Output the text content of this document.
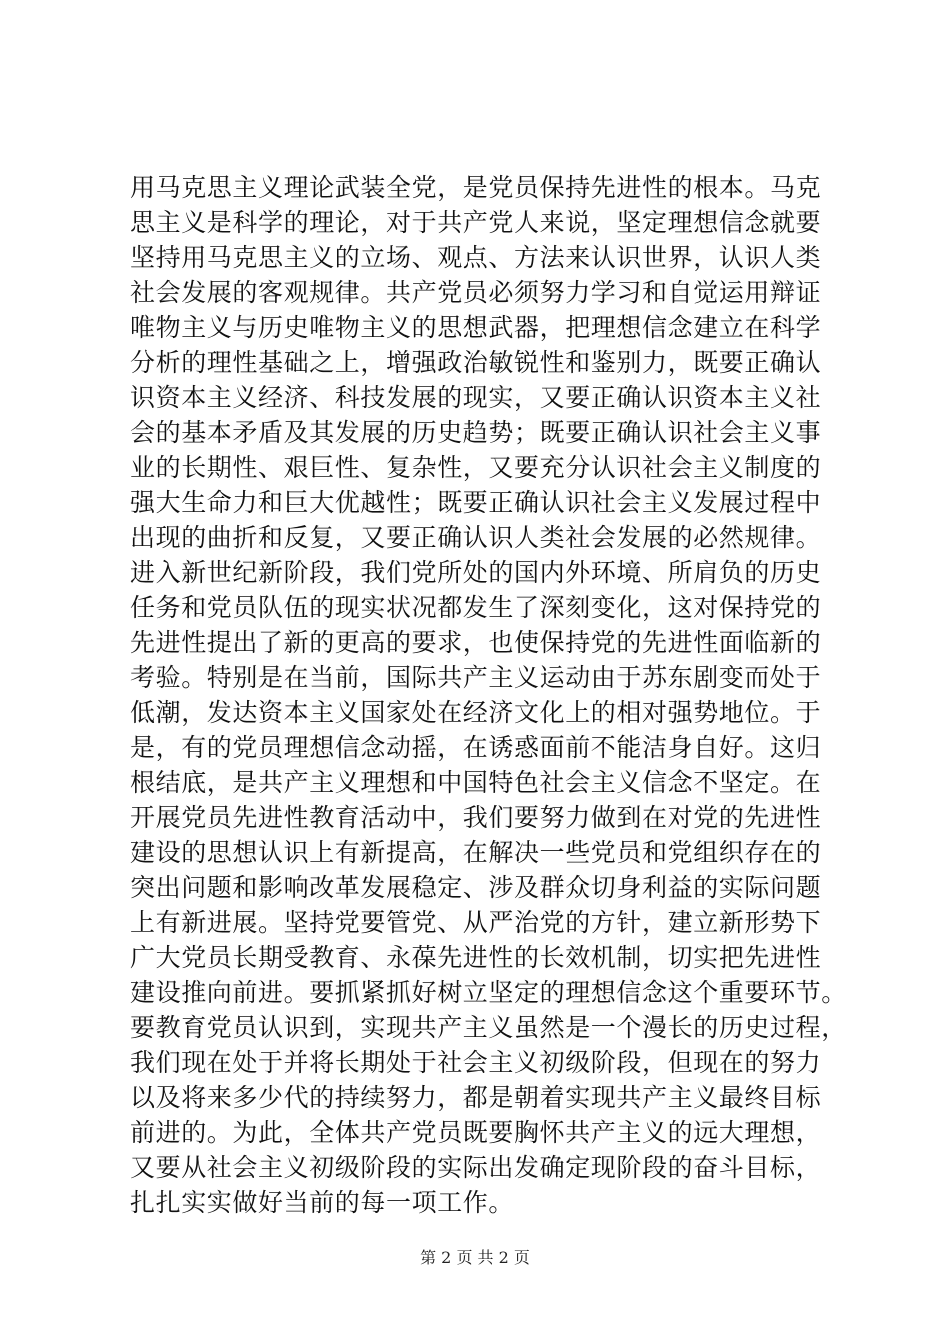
用马克思主义理论武装全党，是党员保持先进性的根本。马克
思主义是科学的理论，对于共产党人来说，坚定理想信念就要
坚持用马克思主义的立场、观点、方法来认识世界，认识人类
社会发展的客观规律。共产党员必须努力学习和自觉运用辩证
唯物主义与历史唯物主义的思想武器，把理想信念建立在科学
分析的理性基础之上，增强政治敏锐性和鉴别力，既要正确认
识资本主义经济、科技发展的现实，又要正确认识资本主义社
会的基本矛盾及其发展的历史趋势；既要正确认识社会主义事
业的长期性、艰巨性、复杂性，又要充分认识社会主义制度的
强大生命力和巨大优越性；既要正确认识社会主义发展过程中
出现的曲折和反复，又要正确认识人类社会发展的必然规律。
进入新世纪新阶段，我们党所处的国内外环境、所肩负的历史
任务和党员队伍的现实状况都发生了深刻变化，这对保持党的
先进性提出了新的更高的要求，也使保持党的先进性面临新的
考验。特别是在当前，国际共产主义运动由于苏东剧变而处于
低潮，发达资本主义国家处在经济文化上的相对强势地位。于
是，有的党员理想信念动摇，在诱惑面前不能洁身自好。这归
根结底，是共产主义理想和中国特色社会主义信念不坚定。在
开展党员先进性教育活动中，我们要努力做到在对党的先进性
建设的思想认识上有新提高，在解决一些党员和党组织存在的
突出问题和影响改革发展稳定、涉及群众切身利益的实际问题
上有新进展。坚持党要管党、从严治党的方针，建立新形势下
广大党员长期受教育、永葆先进性的长效机制，切实把先进性
建设推向前进。要抓紧抓好树立坚定的理想信念这个重要环节。
要教育党员认识到，实现共产主义虽然是一个漫长的历史过程，
我们现在处于并将长期处于社会主义初级阶段，但现在的努力
以及将来多少代的持续努力，都是朝着实现共产主义最终目标
前进的。为此，全体共产党员既要胸怀共产主义的远大理想，
又要从社会主义初级阶段的实际出发确定现阶段的奋斗目标，
扎扎实实做好当前的每一项工作。
第 2 页 共 2 页
